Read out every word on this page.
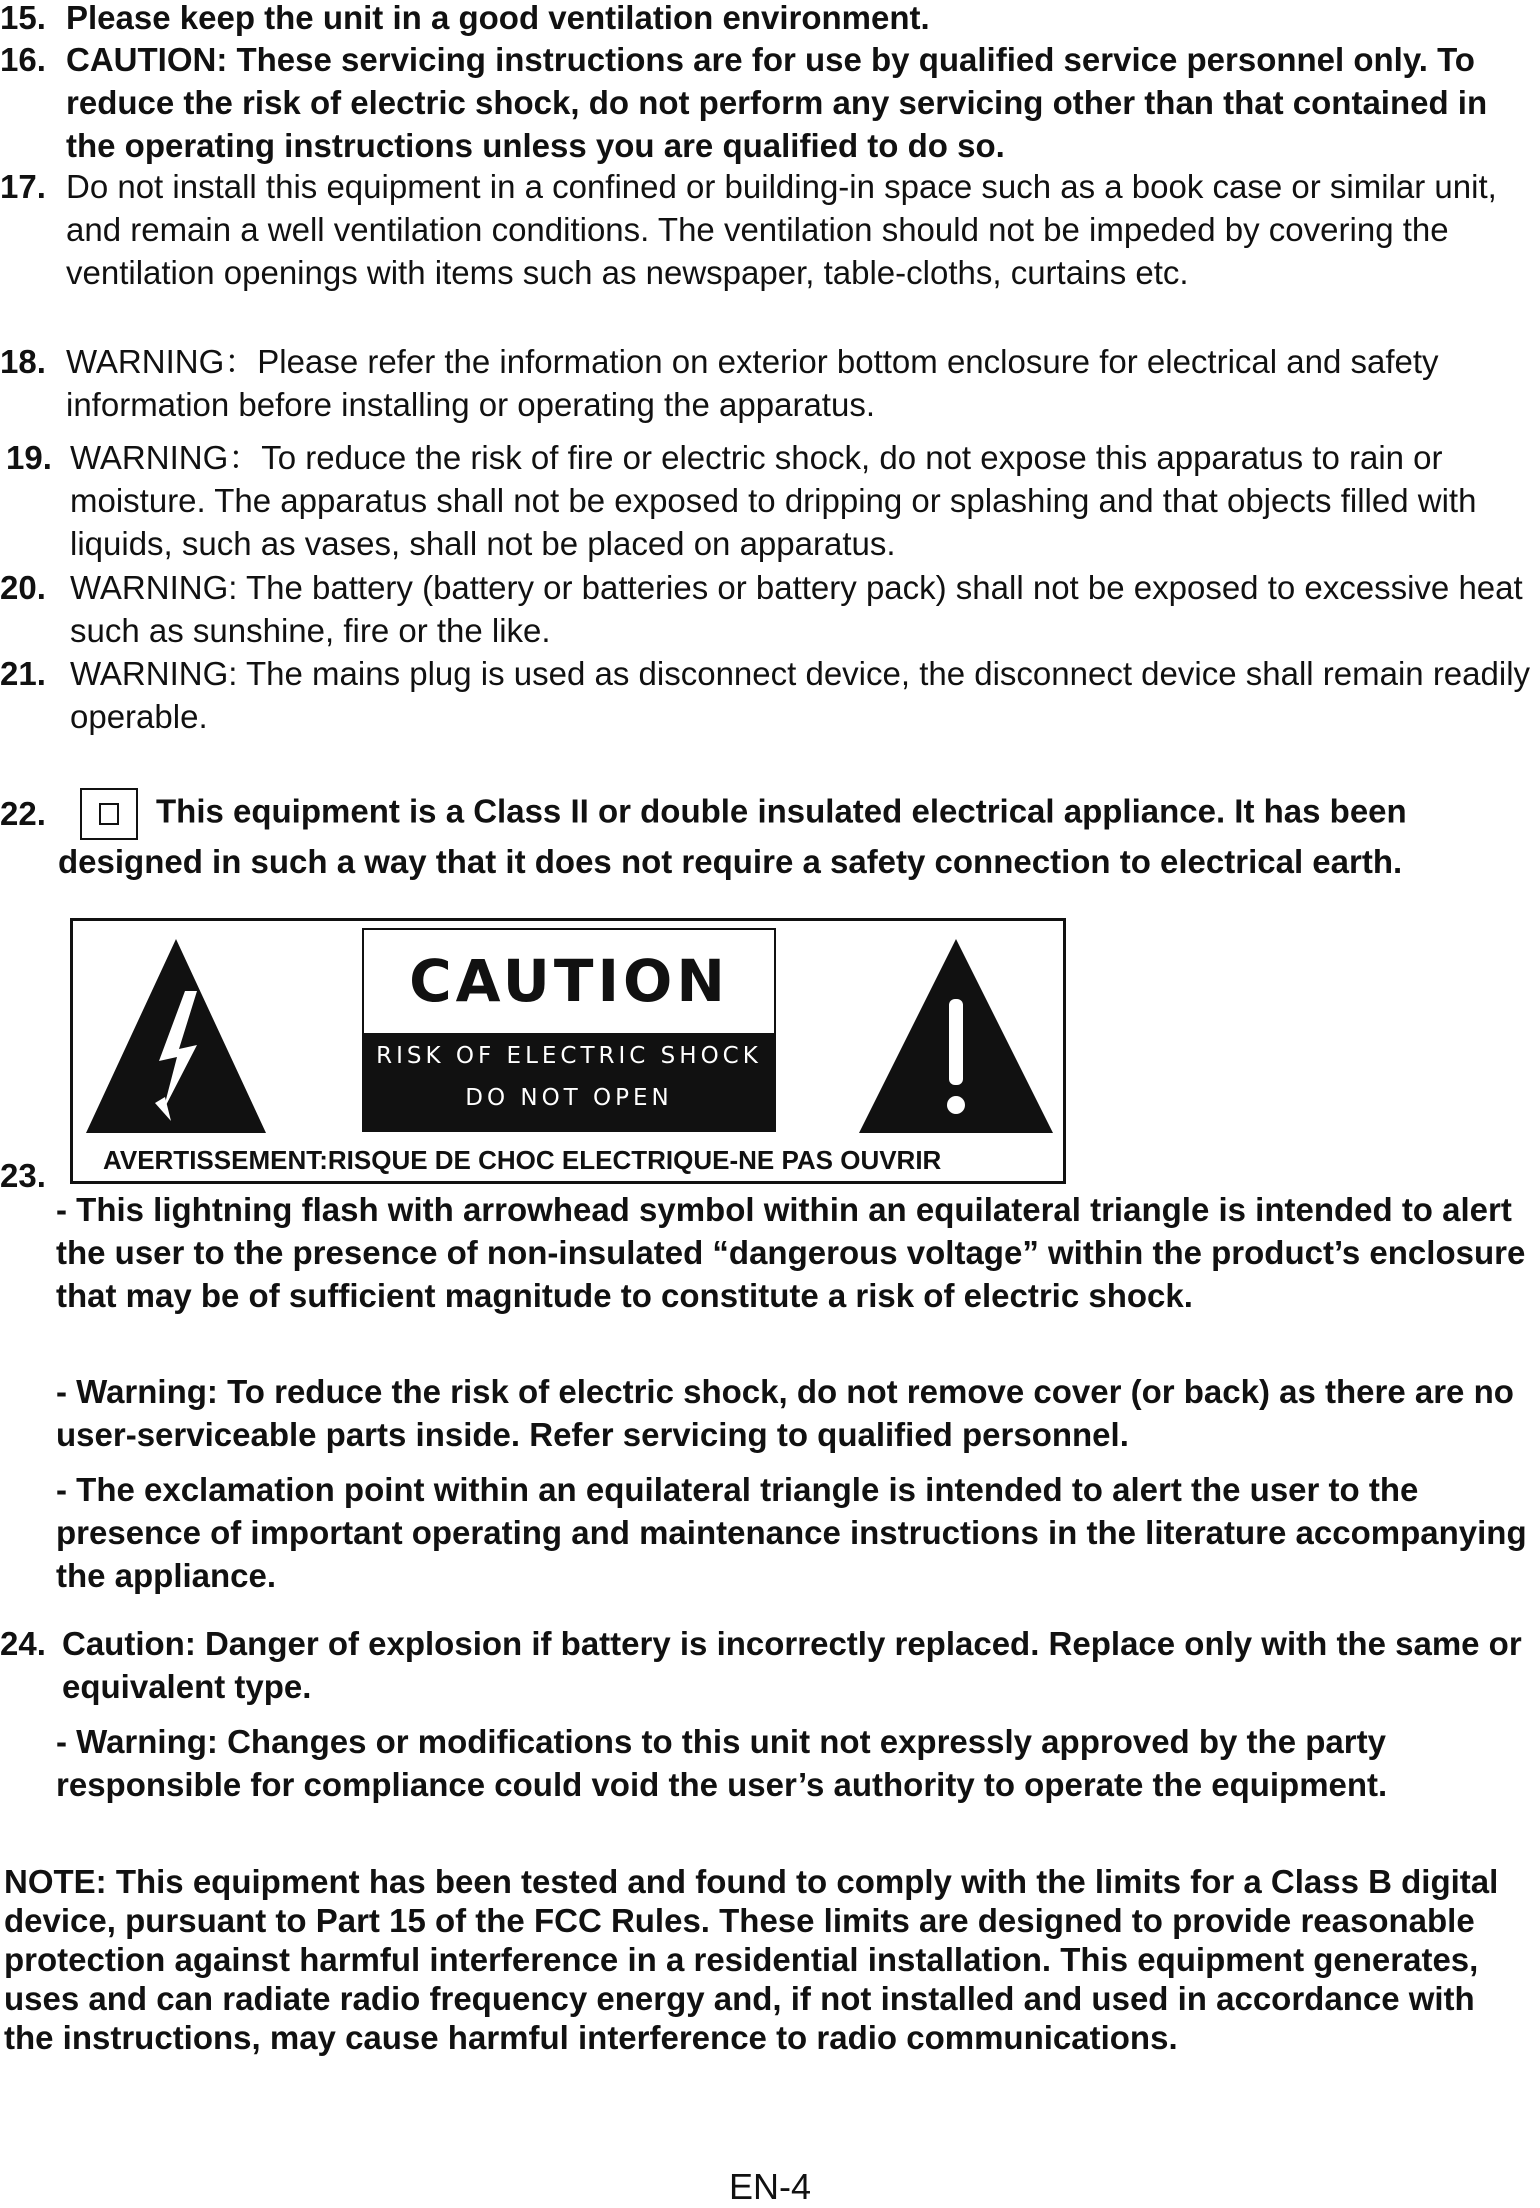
15. Please keep the unit in a good ventilation environment.
16. CAUTION: These servicing instructions are for use by qualified service personnel only. To reduce the risk of electric shock, do not perform any servicing other than that contained in the operating instructions unless you are qualified to do so.
17. Do not install this equipment in a confined or building-in space such as a book case or similar unit, and remain a well ventilation conditions. The ventilation should not be impeded by covering the ventilation openings with items such as newspaper, table-cloths, curtains etc.
18. WARNING：Please refer the information on exterior bottom enclosure for electrical and safety information before installing or operating the apparatus.
19. WARNING：To reduce the risk of fire or electric shock, do not expose this apparatus to rain or moisture. The apparatus shall not be exposed to dripping or splashing and that objects filled with liquids, such as vases, shall not be placed on apparatus.
20. WARNING: The battery (battery or batteries or battery pack) shall not be exposed to excessive heat such as sunshine, fire or the like.
21. WARNING: The mains plug is used as disconnect device, the disconnect device shall remain readily operable.
22.	This equipment is a Class II or double insulated electrical appliance. It has been designed in such a way that it does not require a safety connection to electrical earth.
CAUTION
RISK OF ELECTRIC SHOCK
DO NOT OPEN
AVERTISSEMENT:RISQUE DE CHOC ELECTRIQUE-NE PAS OUVRIR
23.
- This lightning flash with arrowhead symbol within an equilateral triangle is intended to alert the user to the presence of non-insulated “dangerous voltage” within the product’s enclosure that may be of sufficient magnitude to constitute a risk of electric shock.
- Warning: To reduce the risk of electric shock, do not remove cover (or back) as there are no user-serviceable parts inside. Refer servicing to qualified personnel.
- The exclamation point within an equilateral triangle is intended to alert the user to the presence of important operating and maintenance instructions in the literature accompanying the appliance.
24. Caution: Danger of explosion if battery is incorrectly replaced. Replace only with the same or equivalent type.
- Warning: Changes or modifications to this unit not expressly approved by the party responsible for compliance could void the user’s authority to operate the equipment.
NOTE: This equipment has been tested and found to comply with the limits for a Class B digital device, pursuant to Part 15 of the FCC Rules. These limits are designed to provide reasonable protection against harmful interference in a residential installation. This equipment generates, uses and can radiate radio frequency energy and, if not installed and used in accordance with the instructions, may cause harmful interference to radio communications.
EN-4
